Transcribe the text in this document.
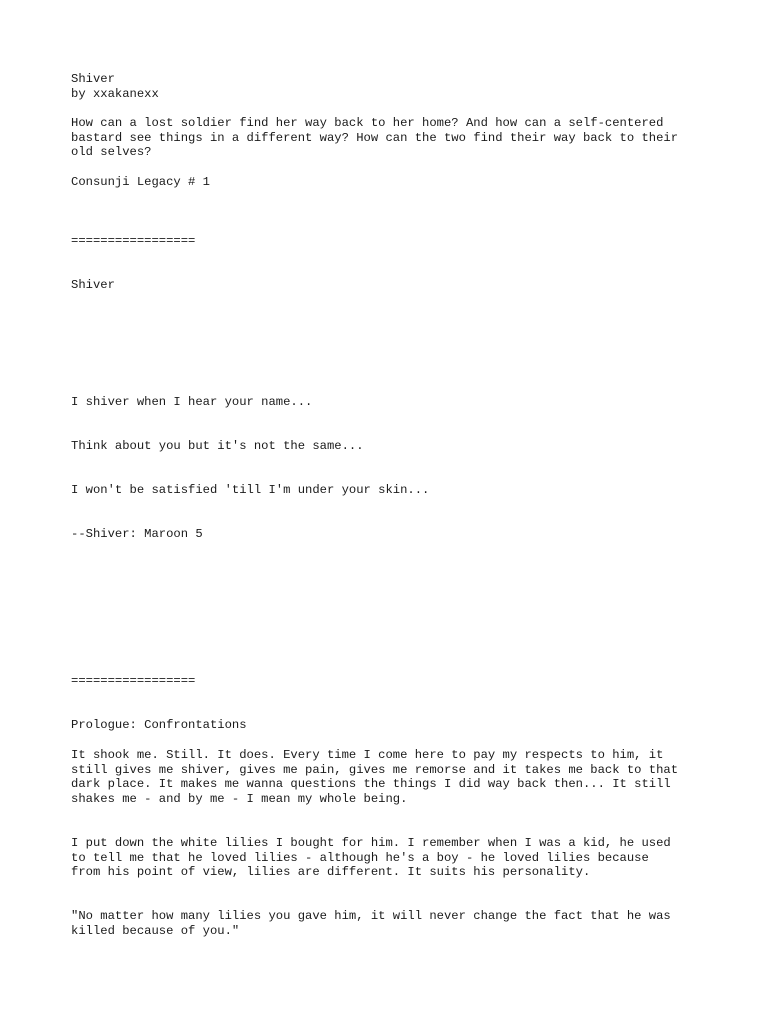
Shiver

by xxakanexx

How can a lost soldier find her way back to her home? And how can a self-centered

bastard see things in a different way? How can the two find their way back to their

old selves?

Consunji Legacy # 1

=================

Shiver

I shiver when I hear your name...

Think about you but it's not the same...

I won't be satisfied 'till I'm under your skin...

--Shiver: Maroon 5

=================

Prologue: Confrontations

It shook me. Still. It does. Every time I come here to pay my respects to him, it

still gives me shiver, gives me pain, gives me remorse and it takes me back to that

dark place. It makes me wanna questions the things I did way back then... It still

shakes me - and by me - I mean my whole being.

I put down the white lilies I bought for him. I remember when I was a kid, he used

to tell me that he loved lilies - although he's a boy - he loved lilies because

from his point of view, lilies are different. It suits his personality.

"No matter how many lilies you gave him, it will never change the fact that he was

killed because of you."
